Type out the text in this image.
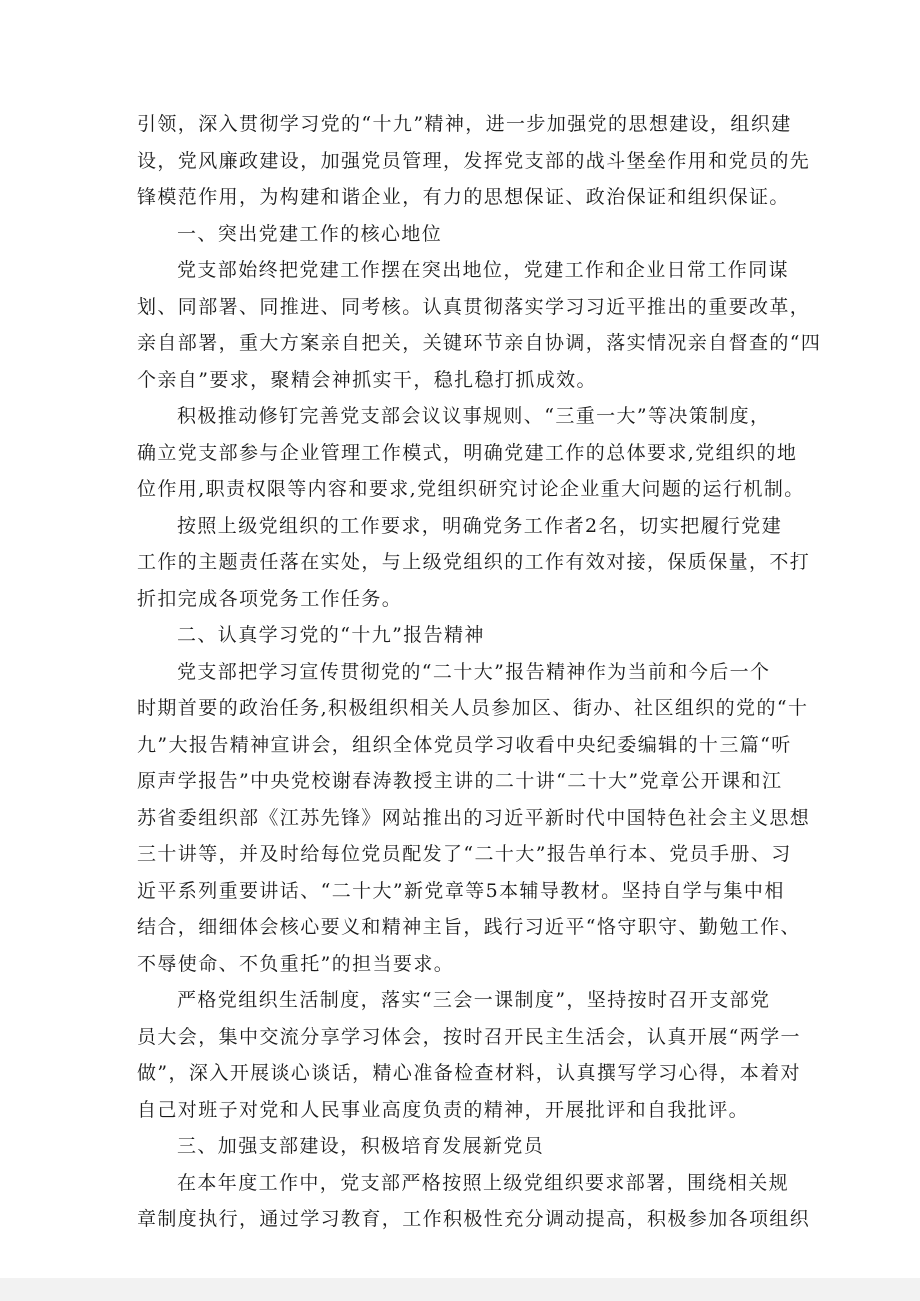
引领，深入贯彻学习党的“十九”精神，进一步加强党的思想建设，组织建
设，党风廉政建设，加强党员管理，发挥党支部的战斗堡垒作用和党员的先
锋模范作用，为构建和谐企业，有力的思想保证、政治保证和组织保证。
一、突出党建工作的核心地位
党支部始终把党建工作摆在突出地位，党建工作和企业日常工作同谋
划、同部署、同推进、同考核。认真贯彻落实学习习近平推出的重要改革，
亲自部署，重大方案亲自把关，关键环节亲自协调，落实情况亲自督查的“四
个亲自”要求，聚精会神抓实干，稳扎稳打抓成效。
积极推动修钉完善党支部会议议事规则、“三重一大”等决策制度，
确立党支部参与企业管理工作模式，明确党建工作的总体要求,党组织的地
位作用,职责权限等内容和要求,党组织研究讨论企业重大问题的运行机制。
按照上级党组织的工作要求，明确党务工作者2名，切实把履行党建
工作的主题责任落在实处，与上级党组织的工作有效对接，保质保量，不打
折扣完成各项党务工作任务。
二、认真学习党的“十九”报告精神
党支部把学习宣传贯彻党的“二十大”报告精神作为当前和今后一个
时期首要的政治任务,积极组织相关人员参加区、街办、社区组织的党的“十
九”大报告精神宣讲会，组织全体党员学习收看中央纪委编辑的十三篇“听
原声学报告”中央党校谢春涛教授主讲的二十讲“二十大”党章公开课和江
苏省委组织部《江苏先锋》网站推出的习近平新时代中国特色社会主义思想
三十讲等，并及时给每位党员配发了“二十大”报告单行本、党员手册、习
近平系列重要讲话、“二十大”新党章等5本辅导教材。坚持自学与集中相
结合，细细体会核心要义和精神主旨，践行习近平“恪守职守、勤勉工作、
不辱使命、不负重托”的担当要求。
严格党组织生活制度，落实“三会一课制度”，坚持按时召开支部党
员大会，集中交流分享学习体会，按时召开民主生活会，认真开展“两学一
做”，深入开展谈心谈话，精心准备检查材料，认真撰写学习心得，本着对
自己对班子对党和人民事业高度负责的精神，开展批评和自我批评。
三、加强支部建设，积极培育发展新党员
在本年度工作中，党支部严格按照上级党组织要求部署，围绕相关规
章制度执行，通过学习教育，工作积极性充分调动提高，积极参加各项组织
